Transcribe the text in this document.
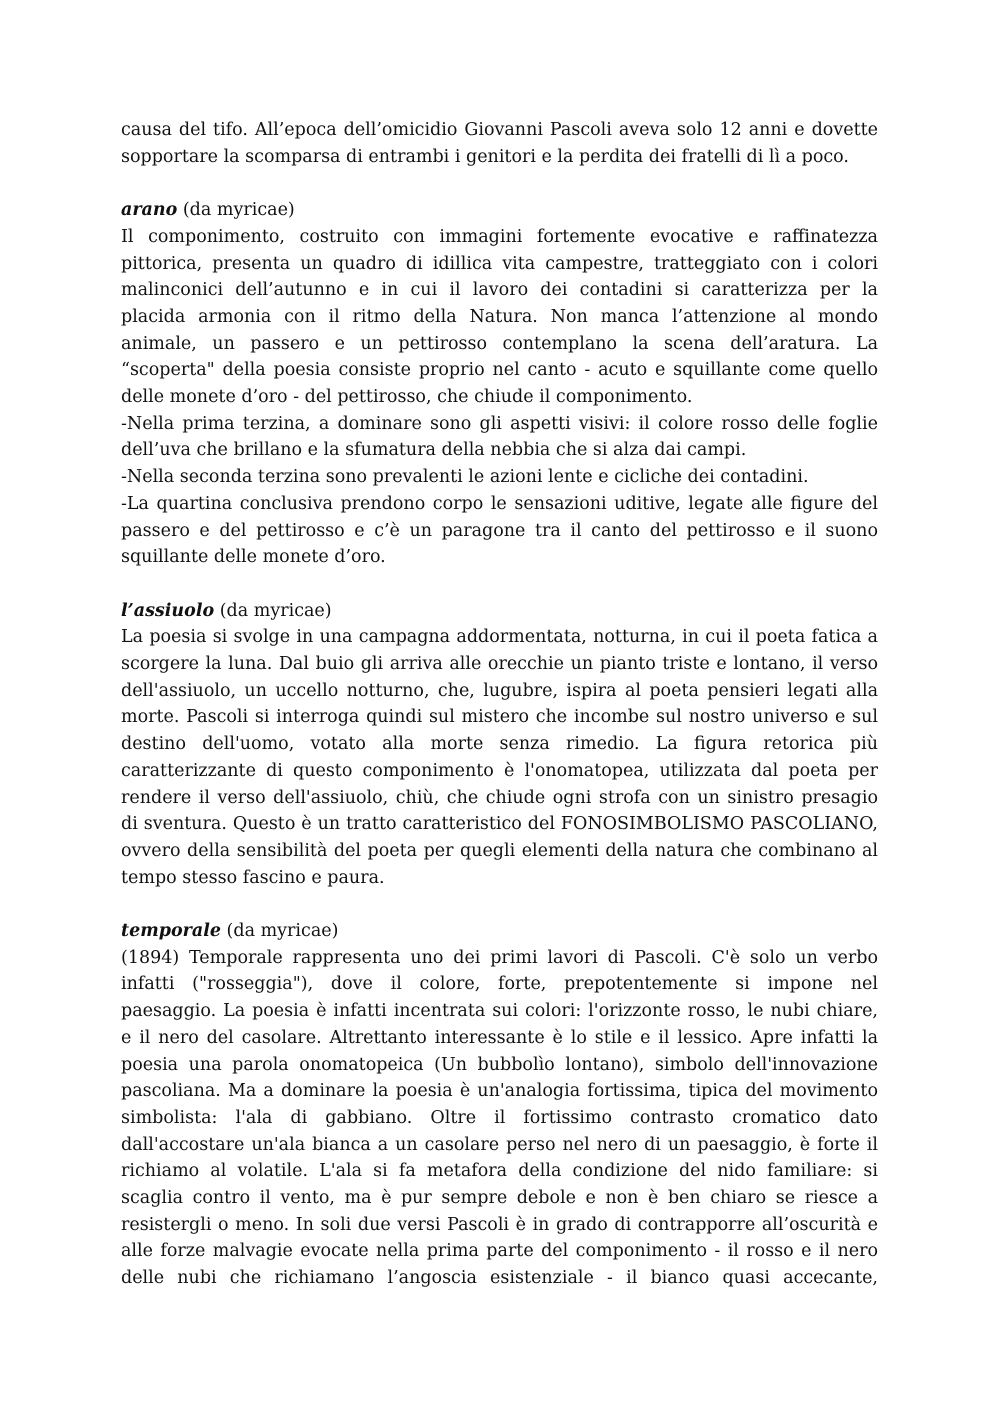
causa del tifo. All’epoca dell’omicidio Giovanni Pascoli aveva solo 12 anni e dovette
sopportare la scomparsa di entrambi i genitori e la perdita dei fratelli di lì a poco.
arano (da myricae)
Il componimento, costruito con immagini fortemente evocative e raffinatezza
pittorica, presenta un quadro di idillica vita campestre, tratteggiato con i colori
malinconici dell’autunno e in cui il lavoro dei contadini si caratterizza per la
placida armonia con il ritmo della Natura. Non manca l’attenzione al mondo
animale, un passero e un pettirosso contemplano la scena dell’aratura. La
“scoperta" della poesia consiste proprio nel canto - acuto e squillante come quello
delle monete d’oro - del pettirosso, che chiude il componimento.
-Nella prima terzina, a dominare sono gli aspetti visivi: il colore rosso delle foglie
dell’uva che brillano e la sfumatura della nebbia che si alza dai campi.
-Nella seconda terzina sono prevalenti le azioni lente e cicliche dei contadini.
-La quartina conclusiva prendono corpo le sensazioni uditive, legate alle figure del
passero e del pettirosso e c’è un paragone tra il canto del pettirosso e il suono
squillante delle monete d’oro.
l’assiuolo (da myricae)
La poesia si svolge in una campagna addormentata, notturna, in cui il poeta fatica a
scorgere la luna. Dal buio gli arriva alle orecchie un pianto triste e lontano, il verso
dell'assiuolo, un uccello notturno, che, lugubre, ispira al poeta pensieri legati alla
morte. Pascoli si interroga quindi sul mistero che incombe sul nostro universo e sul
destino dell'uomo, votato alla morte senza rimedio. La figura retorica più
caratterizzante di questo componimento è l'onomatopea, utilizzata dal poeta per
rendere il verso dell'assiuolo, chiù, che chiude ogni strofa con un sinistro presagio
di sventura. Questo è un tratto caratteristico del FONOSIMBOLISMO PASCOLIANO,
ovvero della sensibilità del poeta per quegli elementi della natura che combinano al
tempo stesso fascino e paura.
temporale (da myricae)
(1894) Temporale rappresenta uno dei primi lavori di Pascoli. C'è solo un verbo
infatti ("rosseggia"), dove il colore, forte, prepotentemente si impone nel
paesaggio. La poesia è infatti incentrata sui colori: l'orizzonte rosso, le nubi chiare,
e il nero del casolare. Altrettanto interessante è lo stile e il lessico. Apre infatti la
poesia una parola onomatopeica (Un bubbolìo lontano), simbolo dell'innovazione
pascoliana. Ma a dominare la poesia è un'analogia fortissima, tipica del movimento
simbolista: l'ala di gabbiano. Oltre il fortissimo contrasto cromatico dato
dall'accostare un'ala bianca a un casolare perso nel nero di un paesaggio, è forte il
richiamo al volatile. L'ala si fa metafora della condizione del nido familiare: si
scaglia contro il vento, ma è pur sempre debole e non è ben chiaro se riesce a
resistergli o meno. In soli due versi Pascoli è in grado di contrapporre all’oscurità e
alle forze malvagie evocate nella prima parte del componimento - il rosso e il nero
delle nubi che richiamano l’angoscia esistenziale - il bianco quasi accecante,
